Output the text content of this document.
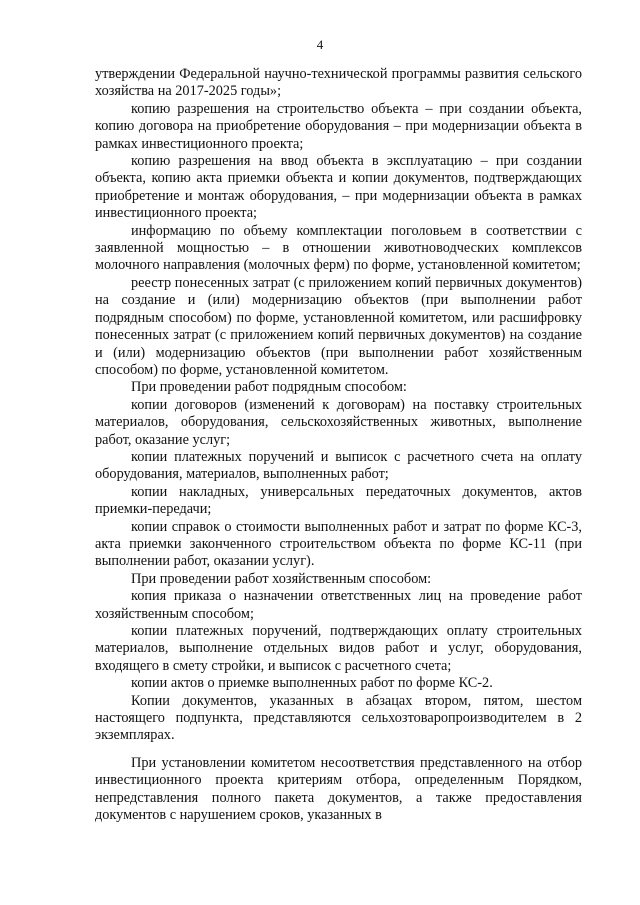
4

утверждении Федеральной научно-технической программы развития сельского хозяйства на 2017-2025 годы»;

копию разрешения на строительство объекта – при создании объекта, копию договора на приобретение оборудования – при модернизации объекта в рамках инвестиционного проекта;

копию разрешения на ввод объекта в эксплуатацию – при создании объекта, копию акта приемки объекта и копии документов, подтверждающих приобретение и монтаж оборудования, – при модернизации объекта в рамках инвестиционного проекта;

информацию по объему комплектации поголовьем в соответствии с заявленной мощностью – в отношении животноводческих комплексов молочного направления (молочных ферм) по форме, установленной комитетом;

реестр понесенных затрат (с приложением копий первичных документов) на создание и (или) модернизацию объектов (при выполнении работ подрядным способом) по форме, установленной комитетом, или расшифровку понесенных затрат (с приложением копий первичных документов) на создание и (или) модернизацию объектов (при выполнении работ хозяйственным способом) по форме, установленной комитетом.

При проведении работ подрядным способом:

копии договоров (изменений к договорам) на поставку строительных материалов, оборудования, сельскохозяйственных животных, выполнение работ, оказание услуг;

копии платежных поручений и выписок с расчетного счета на оплату оборудования, материалов, выполненных работ;

копии накладных, универсальных передаточных документов, актов приемки-передачи;

копии справок о стоимости выполненных работ и затрат по форме КС-3, акта приемки законченного строительством объекта по форме КС-11 (при выполнении работ, оказании услуг).

При проведении работ хозяйственным способом:

копия приказа о назначении ответственных лиц на проведение работ хозяйственным способом;

копии платежных поручений, подтверждающих оплату строительных материалов, выполнение отдельных видов работ и услуг, оборудования, входящего в смету стройки, и выписок с расчетного счета;

копии актов о приемке выполненных работ по форме КС-2.

Копии документов, указанных в абзацах втором, пятом, шестом настоящего подпункта, представляются сельхозтоваропроизводителем в 2 экземплярах.

При установлении комитетом несоответствия представленного на отбор инвестиционного проекта критериям отбора, определенным Порядком, непредставления полного пакета документов, а также предоставления документов с нарушением сроков, указанных в
